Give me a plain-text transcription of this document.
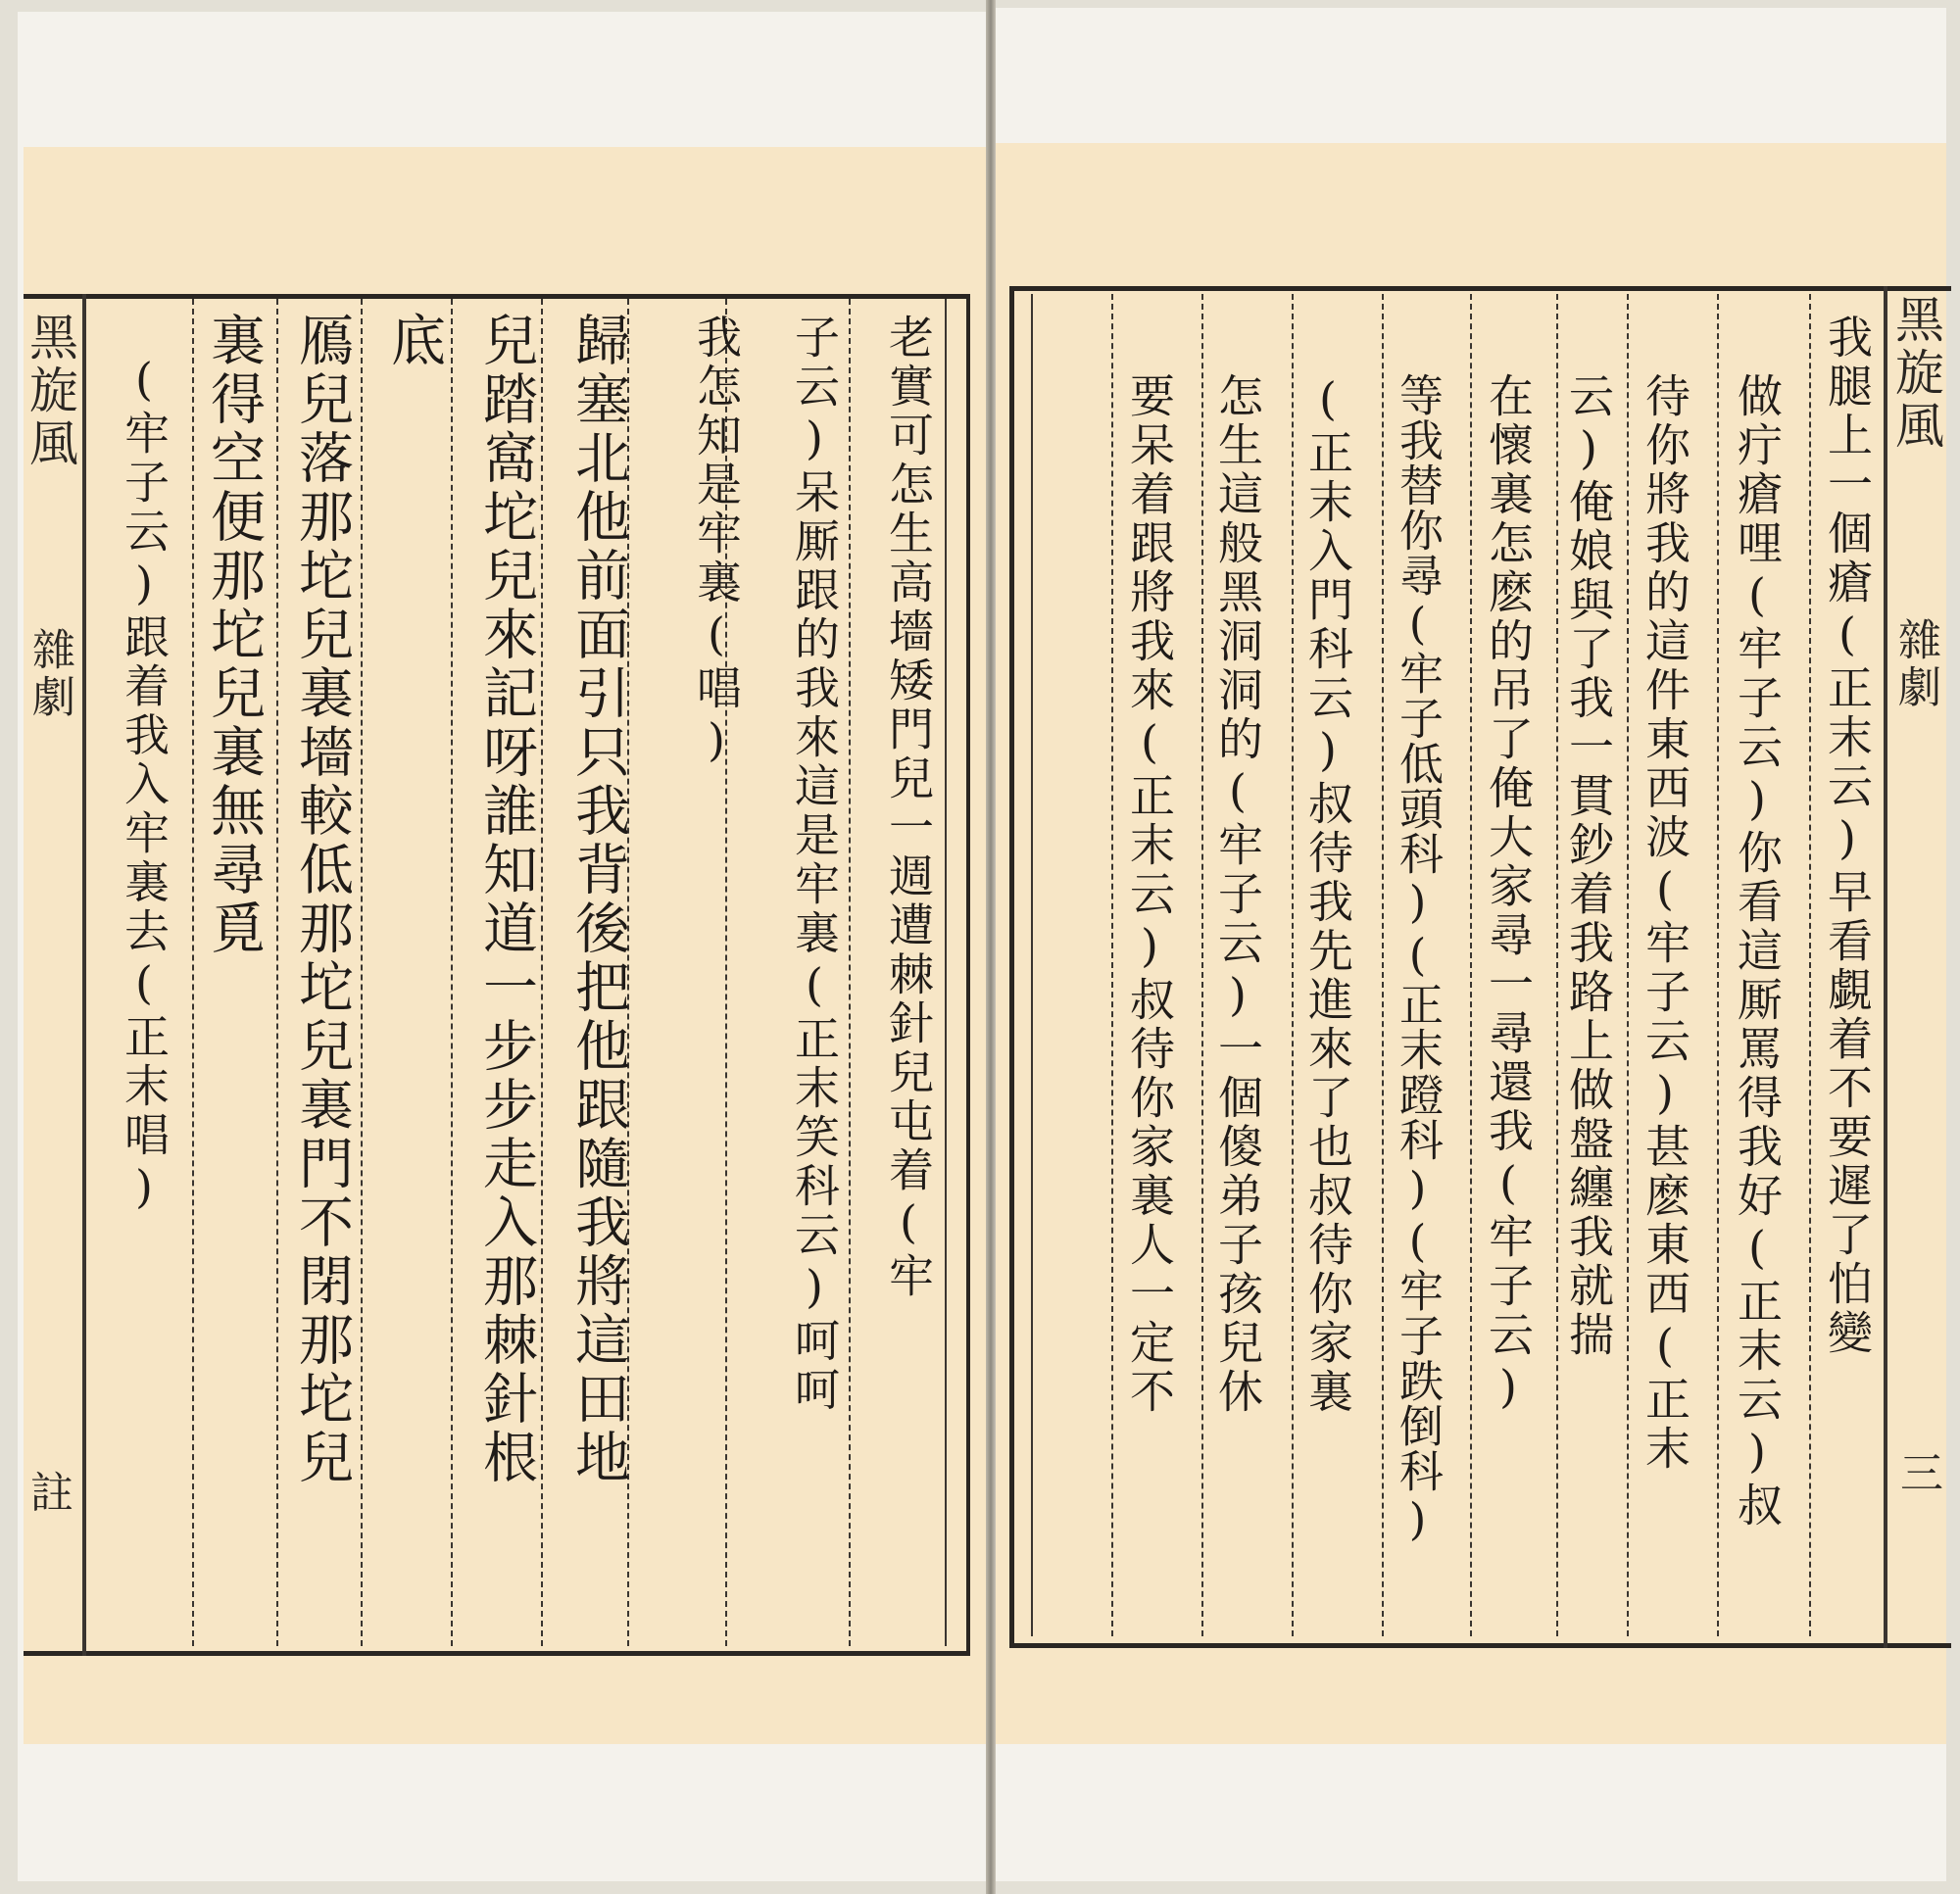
黑旋風
雜劇
註
老實可怎生高墻矮門兒一週遭棘針兒屯着(牢
子云)呆厮跟的我來這是牢裏(正末笑科云)呵呵
我怎知是牢裏(唱)
歸塞北他前面引只我背後把他跟隨我將這田地
兒踏窩坨兒來記呀誰知道一步步走入那棘針根
底
鴈兒落那坨兒裏墻較低那坨兒裏門不閉那坨兒
裏得空便那坨兒裏無尋覓
(牢子云)跟着我入牢裏去(正末唱)	黑旋風
雜劇
三
我腿上一個瘡(正末云)早看覷着不要遲了怕變
做疔瘡哩(牢子云)你看這厮罵得我好(正末云)叔
待你將我的這件東西波(牢子云)甚麽東西(正末
云)俺娘與了我一貫鈔着我路上做盤纏我就揣
在懷裏怎麽的吊了俺大家尋一尋還我(牢子云)
等我替你尋(牢子低頭科)(正末蹬科)(牢子跌倒科)
(正末入門科云)叔待我先進來了也叔待你家裏
怎生這般黑洞洞的(牢子云)一個傻弟子孩兒休
要呆着跟將我來(正末云)叔待你家裏人一定不
